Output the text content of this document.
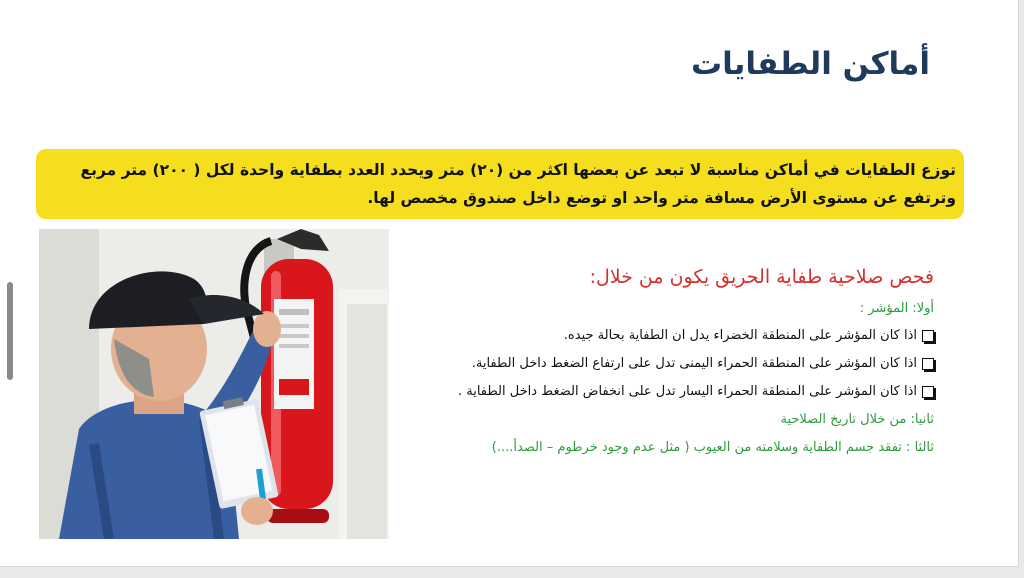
أماكن الطفايات
توزع الطفايات في أماكن مناسبة لا تبعد عن بعضها اكثر من (٢٠) متر ويحدد العدد بطفاية واحدة لكل ( ٢٠٠) متر مربع وترتفع عن مستوى الأرض مسافة متر واحد او توضع داخل صندوق مخصص لها.
فحص صلاحية طفاية الحريق يكون من خلال:
أولا: المؤشر :
اذا كان المؤشر على المنطقة الخضراء يدل ان الطفاية بحالة جيده.
اذا كان المؤشر على المنطقة الحمراء اليمنى تدل على ارتفاع الضغط داخل الطفاية.
اذا كان المؤشر على المنطقة الحمراء اليسار تدل على انخفاض الضغط داخل الطفاية .
ثانيا: من خلال تاريخ الصلاحية
ثالثا : تفقد جسم الطفاية وسلامته من العيوب ( مثل عدم وجود خرطوم – الصدأ....)
